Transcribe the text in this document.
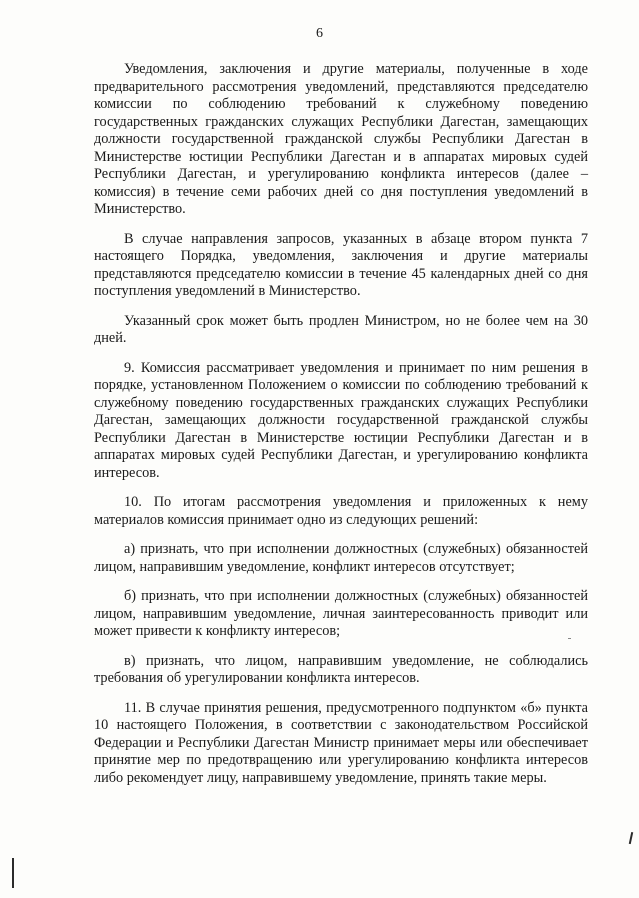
6

Уведомления, заключения и другие материалы, полученные в ходе предварительного рассмотрения уведомлений, представляются председателю комиссии по соблюдению требований к служебному поведению государственных гражданских служащих Республики Дагестан, замещающих должности государственной гражданской службы Республики Дагестан в Министерстве юстиции Республики Дагестан и в аппаратах мировых судей Республики Дагестан, и урегулированию конфликта интересов (далее – комиссия) в течение семи рабочих дней со дня поступления уведомлений в Министерство.

В случае направления запросов, указанных в абзаце втором пункта 7 настоящего Порядка, уведомления, заключения и другие материалы представляются председателю комиссии в течение 45 календарных дней со дня поступления уведомлений в Министерство.

Указанный срок может быть продлен Министром, но не более чем на 30 дней.

9. Комиссия рассматривает уведомления и принимает по ним решения в порядке, установленном Положением о комиссии по соблюдению требований к служебному поведению государственных гражданских служащих Республики Дагестан, замещающих должности государственной гражданской службы Республики Дагестан в Министерстве юстиции Республики Дагестан и в аппаратах мировых судей Республики Дагестан, и урегулированию конфликта интересов.

10. По итогам рассмотрения уведомления и приложенных к нему материалов комиссия принимает одно из следующих решений:

а) признать, что при исполнении должностных (служебных) обязанностей лицом, направившим уведомление, конфликт интересов отсутствует;

б) признать, что при исполнении должностных (служебных) обязанностей лицом, направившим уведомление, личная заинтересованность приводит или может привести к конфликту интересов;

в) признать, что лицом, направившим уведомление, не соблюдались требования об урегулировании конфликта интересов.

11. В случае принятия решения, предусмотренного подпунктом «б» пункта 10 настоящего Положения, в соответствии с законодательством Российской Федерации и Республики Дагестан Министр принимает меры или обеспечивает принятие мер по предотвращению или урегулированию конфликта интересов либо рекомендует лицу, направившему уведомление, принять такие меры.
